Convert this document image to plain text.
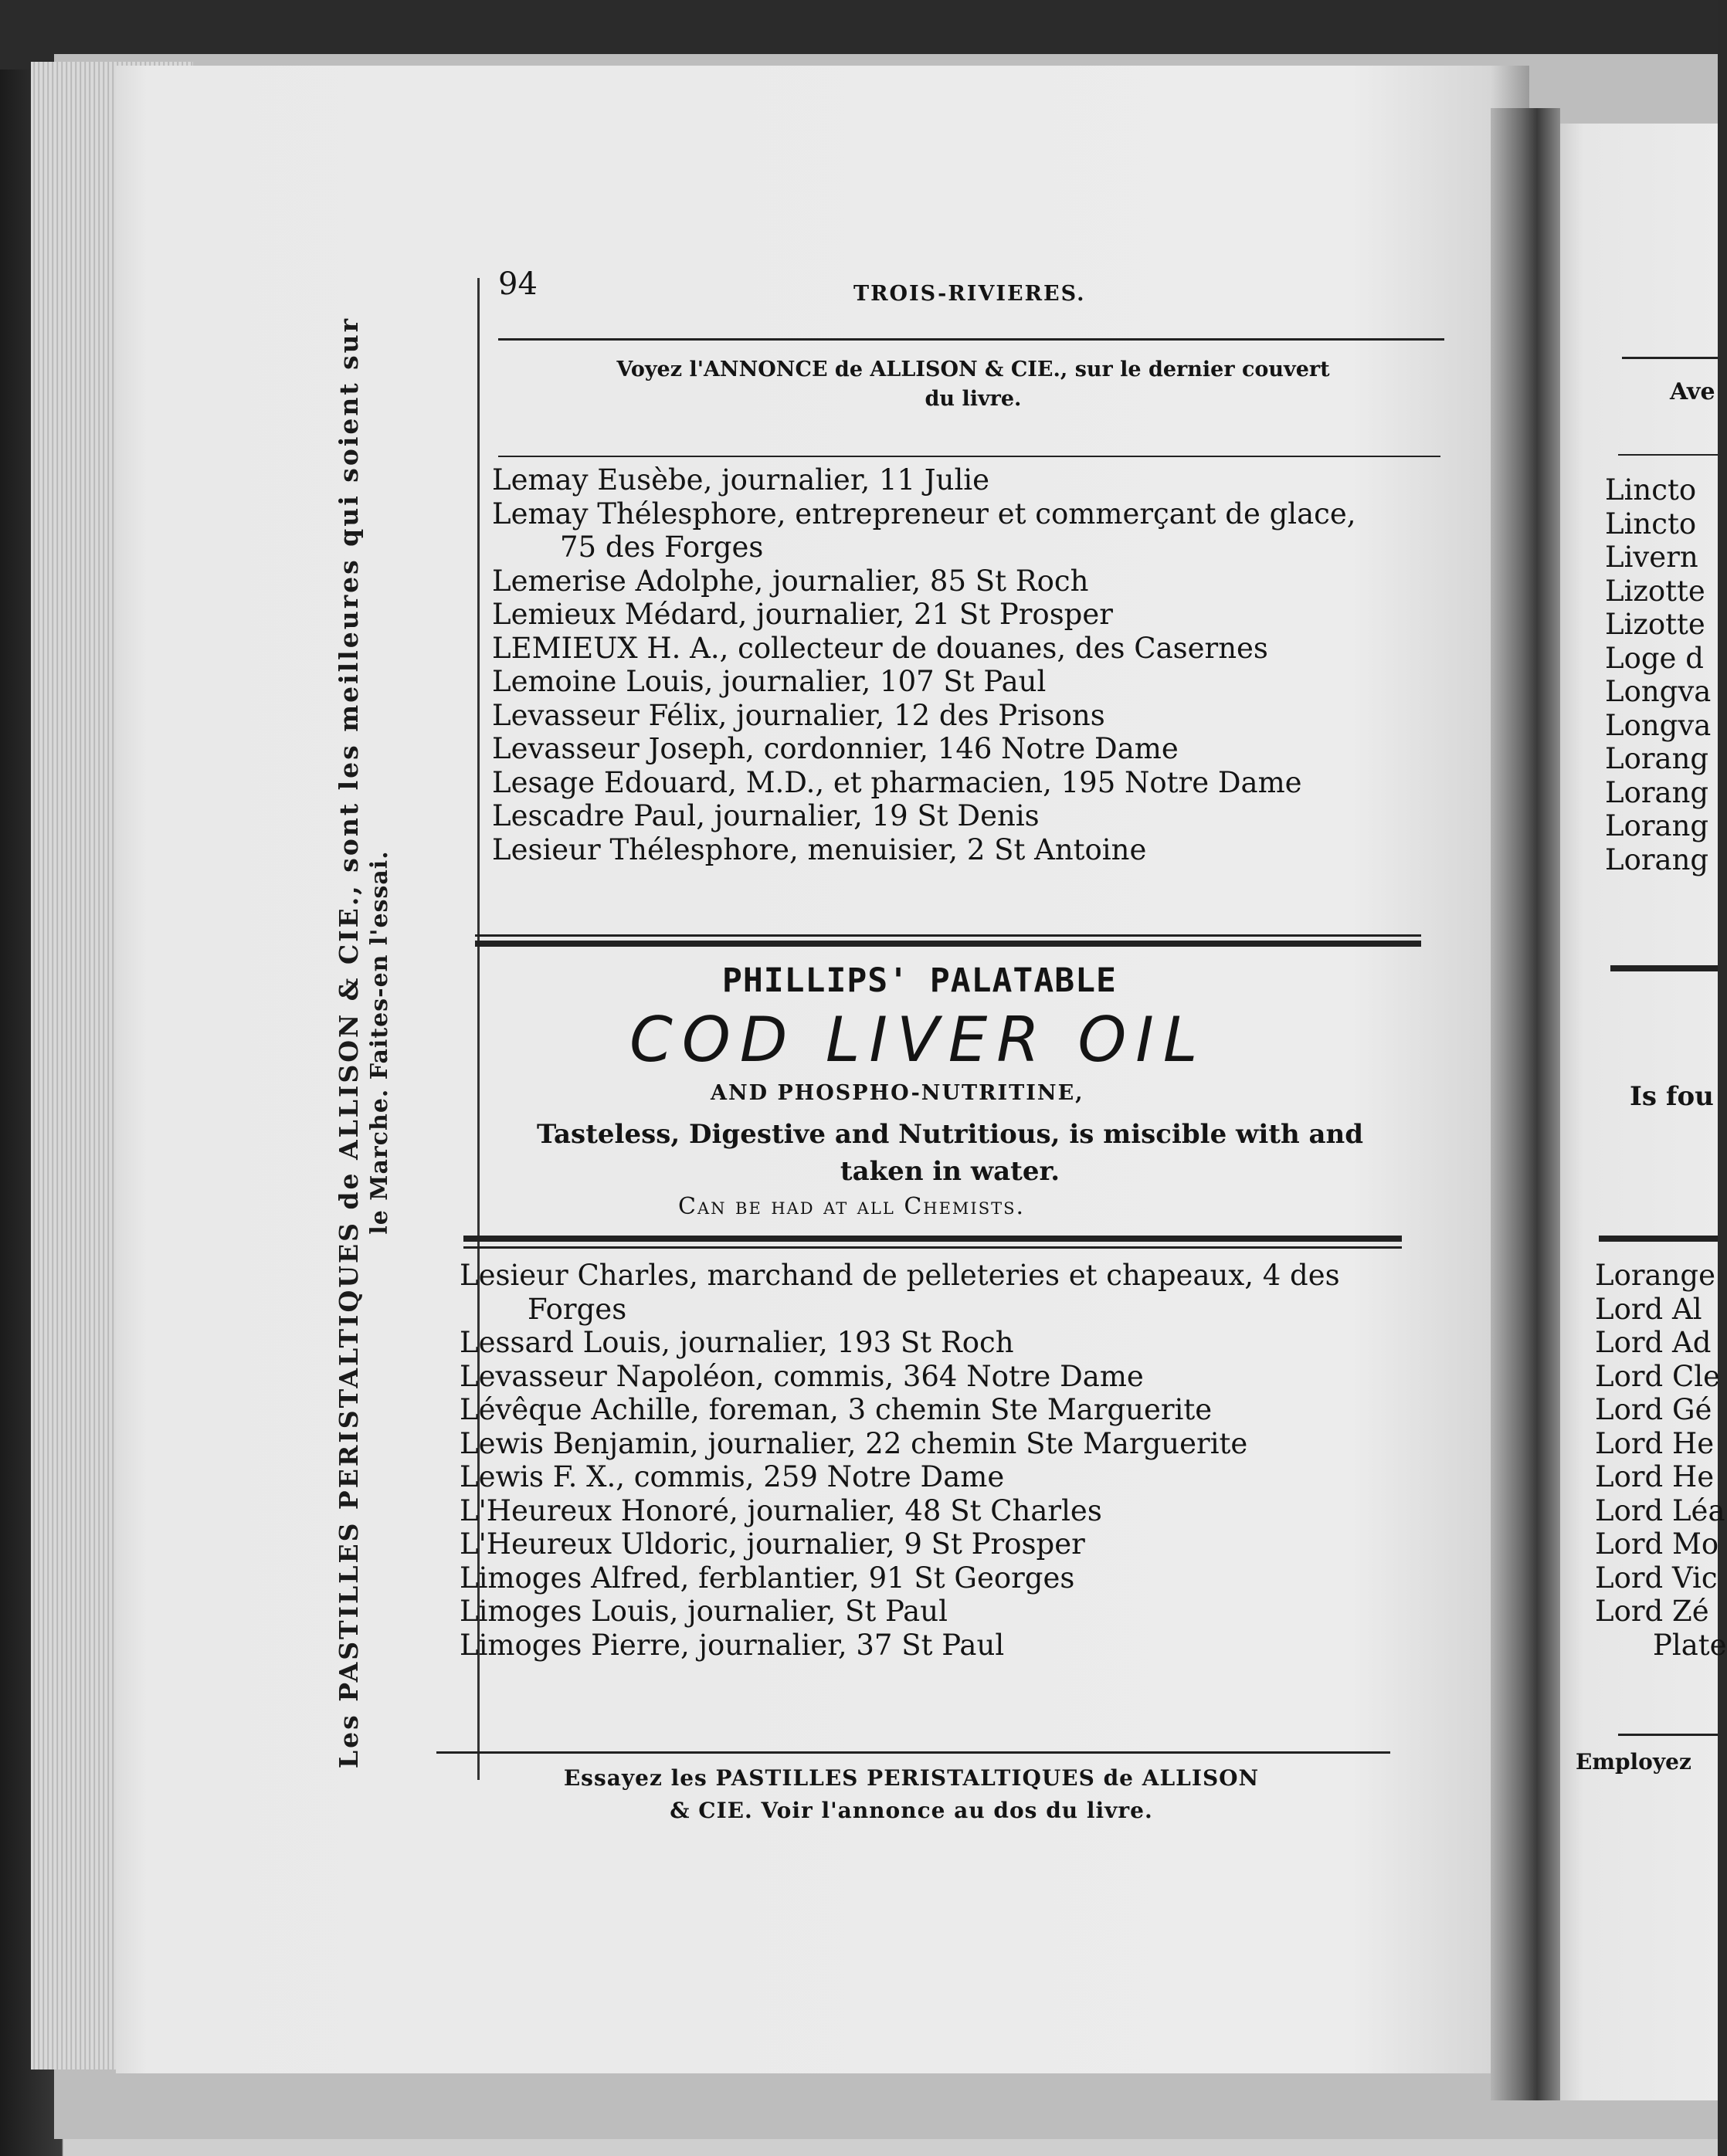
Les PASTILLES PERISTALTIQUES de ALLISON & CIE., sont les meilleures qui soient sur le Marche. Faites-en l'essai.
94	TROIS-RIVIERES.
Voyez l'ANNONCE de ALLISON & CIE., sur le dernier couvert
du livre.
Lemay Eusèbe, journalier, 11 Julie
Lemay Thélesphore, entrepreneur et commerçant de glace,
75 des Forges
Lemerise Adolphe, journalier, 85 St Roch
Lemieux Médard, journalier, 21 St Prosper
LEMIEUX H. A., collecteur de douanes, des Casernes
Lemoine Louis, journalier, 107 St Paul
Levasseur Félix, journalier, 12 des Prisons
Levasseur Joseph, cordonnier, 146 Notre Dame
Lesage Edouard, M.D., et pharmacien, 195 Notre Dame
Lescadre Paul, journalier, 19 St Denis
Lesieur Thélesphore, menuisier, 2 St Antoine
PHILLIPS' PALATABLE
COD LIVER OIL
AND PHOSPHO-NUTRITINE,
Tasteless, Digestive and Nutritious, is miscible with and
taken in water.
Can be had at all Chemists.
Lesieur Charles, marchand de pelleteries et chapeaux, 4 des
Forges
Lessard Louis, journalier, 193 St Roch
Levasseur Napoléon, commis, 364 Notre Dame
Lévêque Achille, foreman, 3 chemin Ste Marguerite
Lewis Benjamin, journalier, 22 chemin Ste Marguerite
Lewis F. X., commis, 259 Notre Dame
L'Heureux Honoré, journalier, 48 St Charles
L'Heureux Uldoric, journalier, 9 St Prosper
Limoges Alfred, ferblantier, 91 St Georges
Limoges Louis, journalier, St Paul
Limoges Pierre, journalier, 37 St Paul
Essayez les PASTILLES PERISTALTIQUES de ALLISON
& CIE. Voir l'annonce au dos du livre.
Ave
Lincto
Lincto
Livern
Lizotte
Lizotte
Loge d
Longva
Longva
Lorang
Lorang
Lorang
Lorang
Is fou
Lorange
Lord Al
Lord Ad
Lord Cle
Lord Gé
Lord He
Lord He
Lord Léa
Lord Mo
Lord Vic
Lord Zé
Plate
Employez
